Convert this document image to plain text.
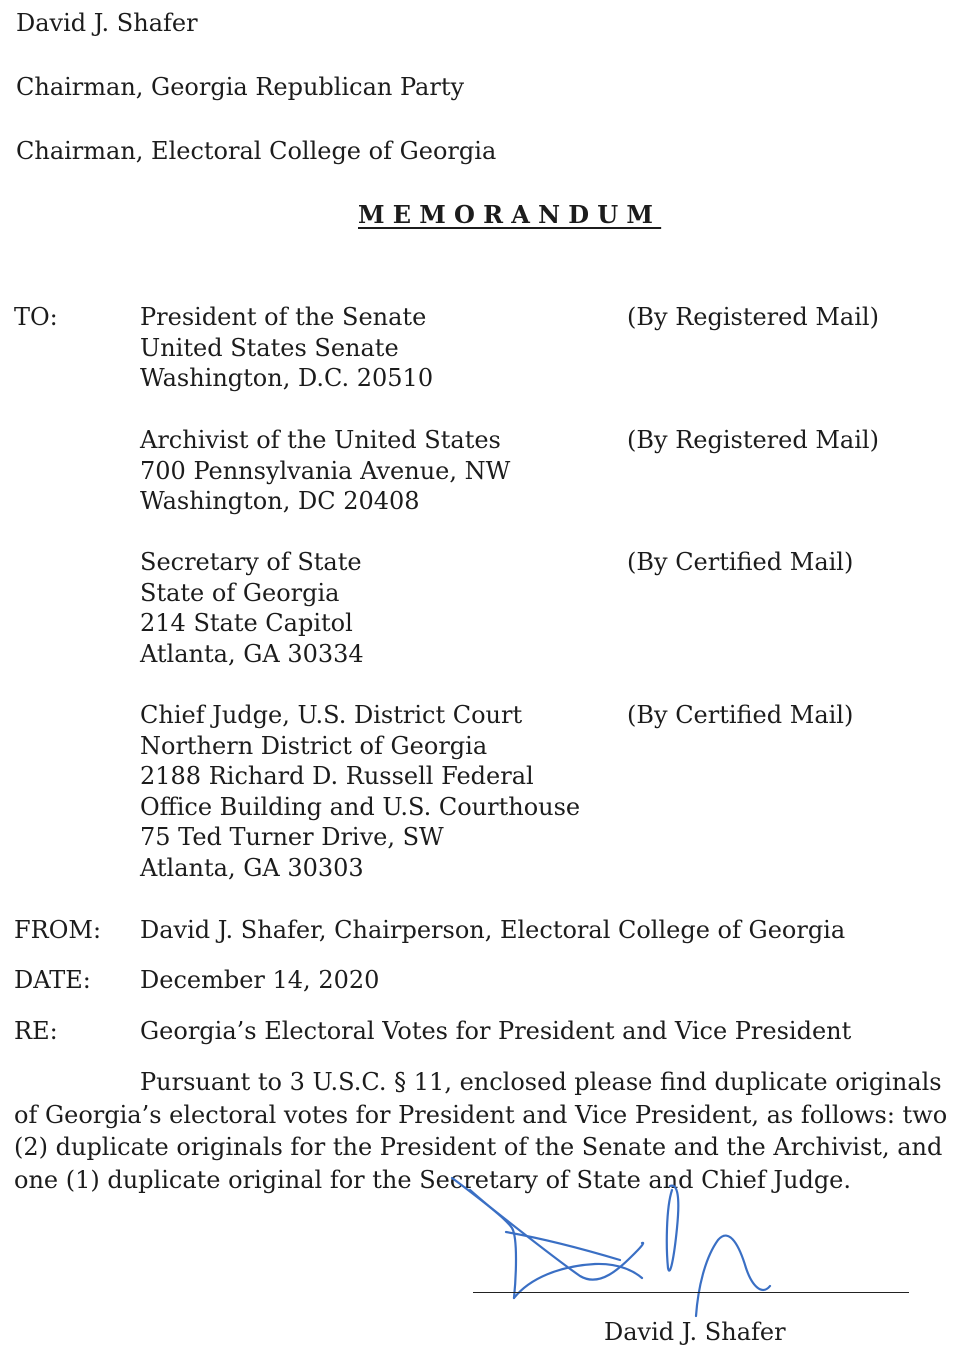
David J. Shafer
Chairman, Georgia Republican Party
Chairman, Electoral College of Georgia
MEMORANDUM
TO:	President of the Senate
United States Senate
Washington, D.C. 20510
(By Registered Mail)
Archivist of the United States
700 Pennsylvania Avenue, NW
Washington, DC 20408
(By Registered Mail)
Secretary of State
State of Georgia
214 State Capitol
Atlanta, GA 30334
(By Certified Mail)
Chief Judge, U.S. District Court
Northern District of Georgia
2188 Richard D. Russell Federal
Office Building and U.S. Courthouse
75 Ted Turner Drive, SW
Atlanta, GA 30303
(By Certified Mail)
FROM: David J. Shafer, Chairperson, Electoral College of Georgia
DATE: December 14, 2020
RE:	Georgia’s Electoral Votes for President and Vice President
Pursuant to 3 U.S.C. § 11, enclosed please find duplicate originals of Georgia’s electoral votes for President and Vice President, as follows: two (2) duplicate originals for the President of the Senate and the Archivist, and one (1) duplicate original for the Secretary of State and Chief Judge.
David J. Shafer
